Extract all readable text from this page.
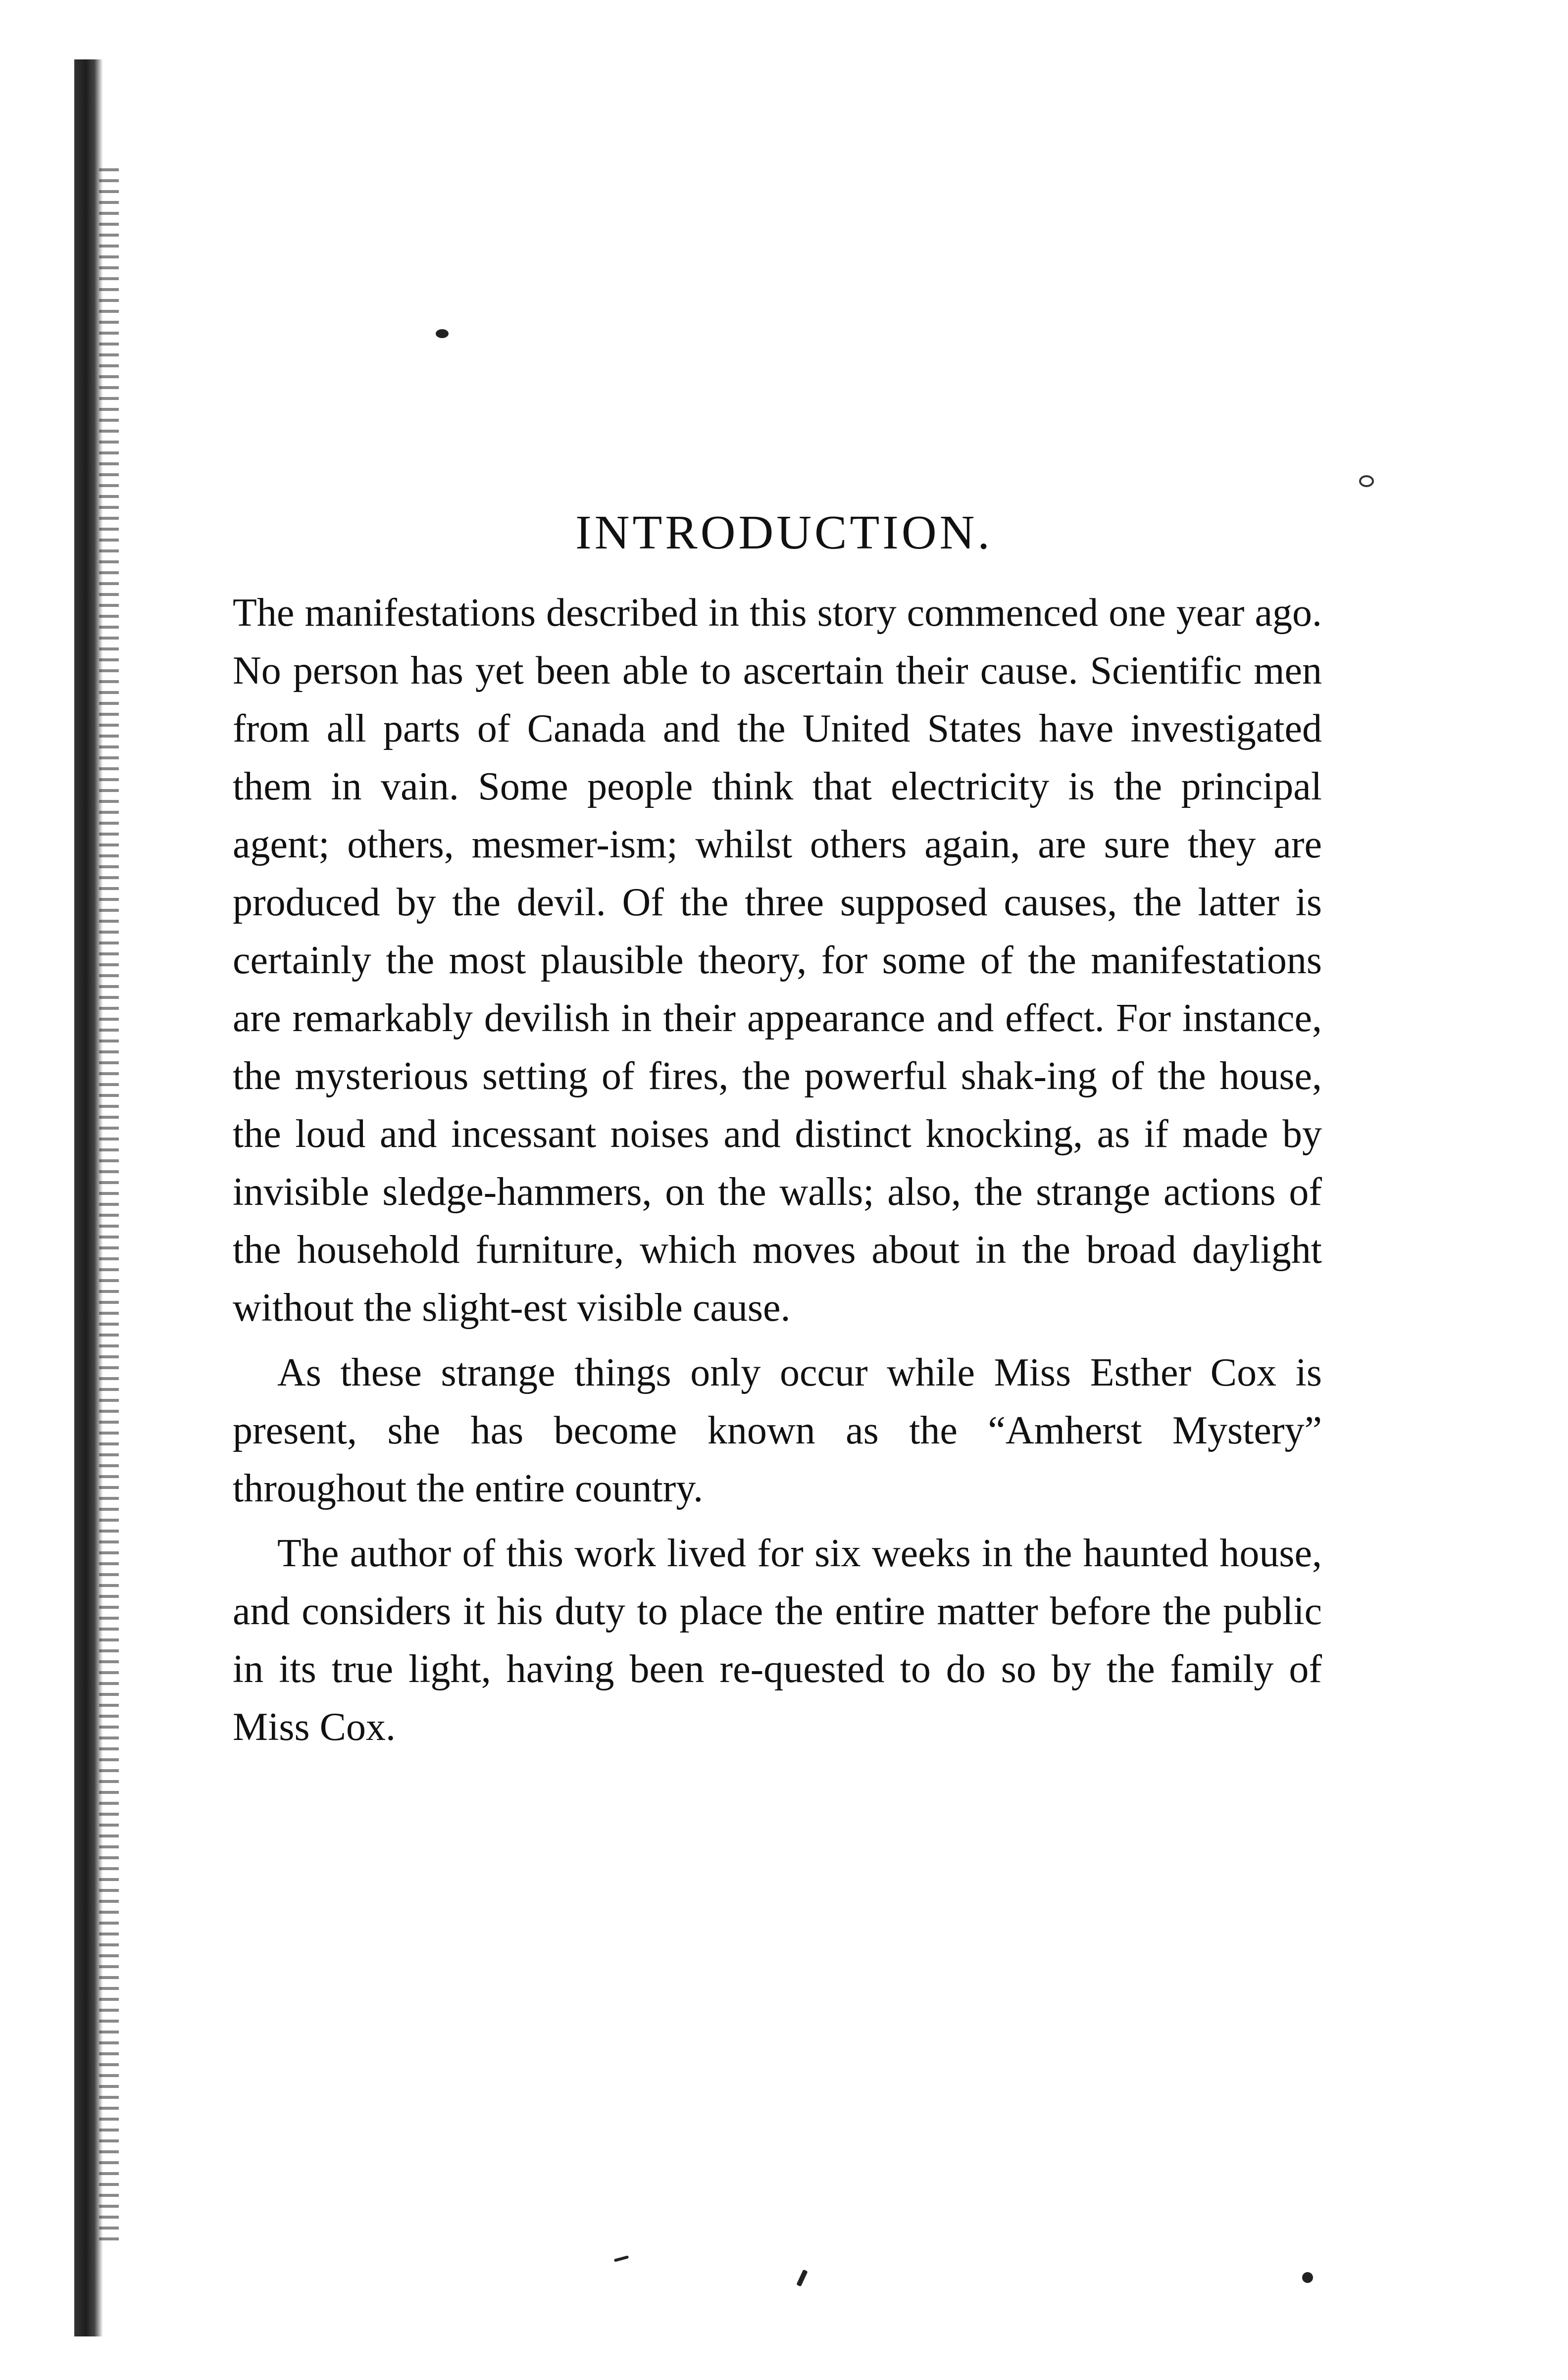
INTRODUCTION.

The manifestations described in this story commenced one year ago. No person has yet been able to ascertain their cause. Scientific men from all parts of Canada and the United States have investigated them in vain. Some people think that electricity is the principal agent; others, mesmer-ism; whilst others again, are sure they are produced by the devil. Of the three supposed causes, the latter is certainly the most plausible theory, for some of the manifestations are remarkably devilish in their appearance and effect. For instance, the mysterious setting of fires, the powerful shak-ing of the house, the loud and incessant noises and distinct knocking, as if made by invisible sledge-hammers, on the walls; also, the strange actions of the household furniture, which moves about in the broad daylight without the slight-est visible cause.

As these strange things only occur while Miss Esther Cox is present, she has become known as the “Amherst Mystery” throughout the entire country.

The author of this work lived for six weeks in the haunted house, and considers it his duty to place the entire matter before the public in its true light, having been re-quested to do so by the family of Miss Cox.
